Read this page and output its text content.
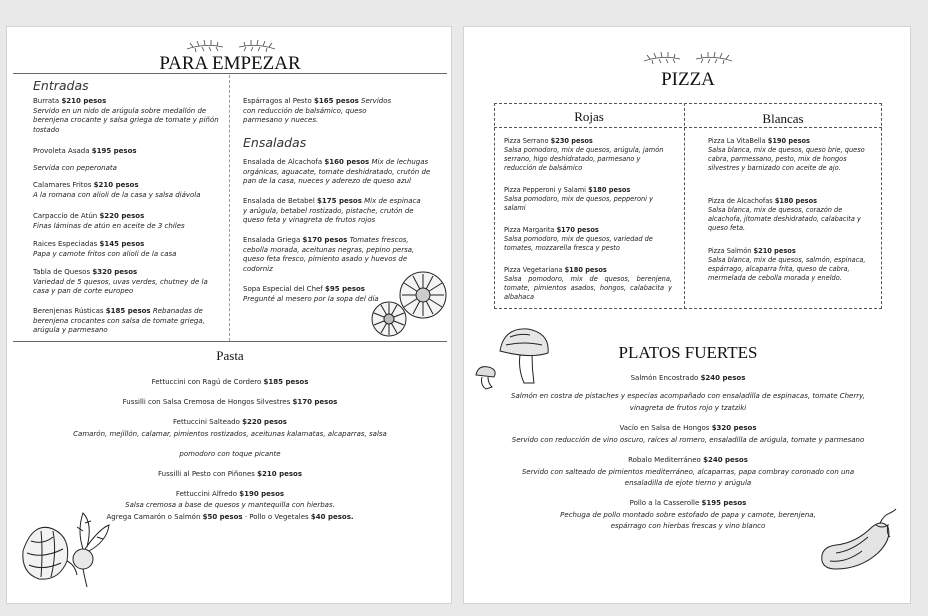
PARA EMPEZAR
Entradas
Burrata $210 pesos
Servido en un nido de arúgula sobre medallón de berenjena crocante y salsa griega de tomate y piñón tostado
Provoleta Asada $195 pesos
Servida con peperonata
Calamares Fritos $210 pesos
A la romana con alioli de la casa y salsa diávola
Carpaccio de Atún $220 pesos
Finas láminas de atún en aceite de 3 chiles
Raices Especiadas $145 pesos
Papa y camote fritos con alioli de la casa
Tabla de Quesos $320 pesos
Variedad de 5 quesos, uvas verdes, chutney de la casa y pan de corte europeo
Berenjenas Rústicas $185 pesos Rebanadas de berenjena crocantes con salsa de tomate griega, arúgula y parmesano
Espárragos al Pesto $165 pesos Servidos con reducción de balsámico, queso parmesano y nueces.
Ensaladas
Ensalada de Alcachofa $160 pesos Mix de lechugas orgánicas, aguacate, tomate deshidratado, crutón de pan de la casa, nueces y aderezo de queso azul
Ensalada de Betabel $175 pesos Mix de espinaca y arúgula, betabel rostizado, pistache, crutón de queso feta y vinagreta de frutos rojos
Ensalada Griega $170 pesos Tomates frescos, cebolla morada, aceitunas negras, pepino persa, queso feta fresco, pimiento asado y huevos de codorniz
Sopa Especial del Chef $95 pesos
Pregunté al mesero por la sopa del día
Pasta
Fettuccini con Ragú de Cordero $185 pesos
Fussilli con Salsa Cremosa de Hongos Silvestres $170 pesos
Fettuccini Salteado $220 pesos
Camarón, mejillón, calamar, pimientos rostizados, aceitunas kalamatas, alcaparras, salsa
pomodoro con toque picante
Fussilli al Pesto con Piñones $210 pesos
Fettuccini Alfredo $190 pesos
Salsa cremosa a base de quesos y mantequilla con hierbas.
Agrega Camarón o Salmón $50 pesos · Pollo o Vegetales $40 pesos.
PIZZA
Rojas	Blancas
Pizza Serrano $230 pesos
Salsa pomodoro, mix de quesos, arúgula, jamón serrano, higo deshidratado, parmesano y reducción de balsámico
Pizza Pepperoni y Salami $180 pesos
Salsa pomodoro, mix de quesos, pepperoni y salami
Pizza Margarita $170 pesos
Salsa pomodoro, mix de quesos, variedad de tomates, mozzarella fresca y pesto
Pizza Vegetariana $180 pesos
Salsa pomodoro, mix de quesos, berenjena, tomate, pimientos asados, hongos, calabacita y albahaca
Pizza La VitaBella $190 pesos
Salsa blanca, mix de quesos, queso brie, queso cabra, parmessano, pesto, mix de hongos silvestres y barnizado con aceite de ajo.
Pizza de Alcachofas $180 pesos
Salsa blanca, mix de quesos, corazón de alcachofa, jitomate deshidratado, calabacita y queso feta.
Pizza Salmón $210 pesos
Salsa blanca, mix de quesos, salmón, espinaca, espárrago, alcaparra frita, queso de cabra, mermelada de cebolla morada y eneldo.
PLATOS FUERTES
Salmón Encostrado $240 pesos
Salmón en costra de pistaches y especias acompañado con ensaladilla de espinacas, tomate Cherry,
vinagreta de frutos rojo y tzatziki
Vacío en Salsa de Hongos $320 pesos
Servido con reducción de vino oscuro, raíces al romero, ensaladilla de arúgula, tomate y parmesano
Robalo Mediterráneo $240 pesos
Servido con salteado de pimientos mediterráneo, alcaparras, papa combray coronado con una
ensaladilla de ejote tierno y arúgula
Pollo a la Casserolle $195 pesos
Pechuga de pollo montado sobre estofado de papa y camote, berenjena,
espárrago con hierbas frescas y vino blanco
